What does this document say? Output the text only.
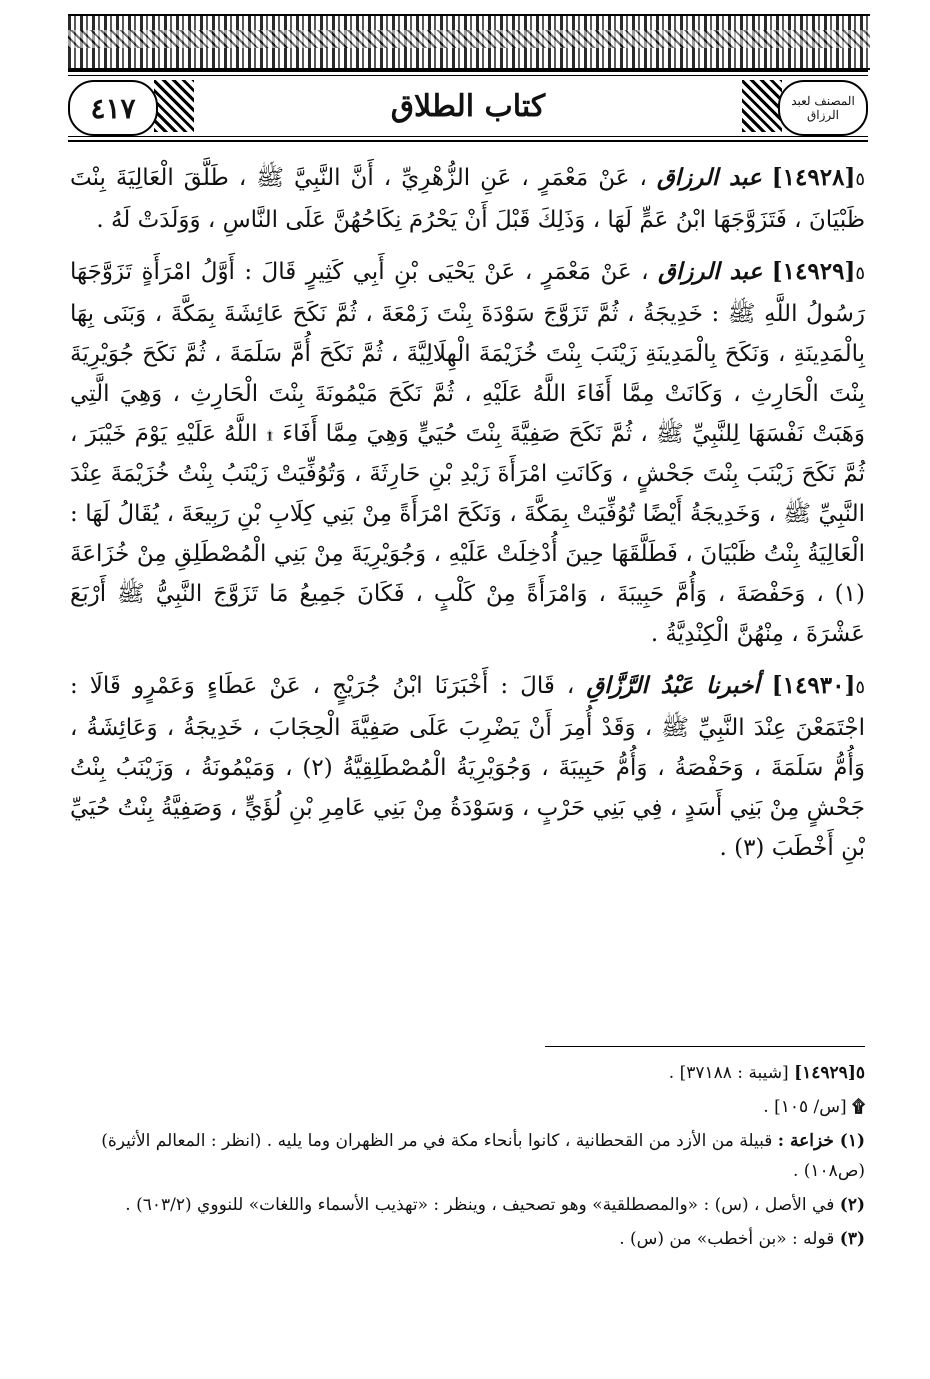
٤١٧	كتاب الطلاق	المصنف لعبد الرزاق

٥[١٤٩٢٨] عبد الرزاق ، عَنْ مَعْمَرٍ ، عَنِ الزُّهْرِيِّ ، أَنَّ النَّبِيَّ ﷺ ، طَلَّقَ الْعَالِيَةَ بِنْتَ ظَبْيَانَ ، فَتَزَوَّجَهَا ابْنُ عَمٍّ لَهَا ، وَذَلِكَ قَبْلَ أَنْ يَحْرُمَ نِكَاحُهُنَّ عَلَى النَّاسِ ، وَوَلَدَتْ لَهُ .

٥[١٤٩٢٩] عبد الرزاق ، عَنْ مَعْمَرٍ ، عَنْ يَحْيَى بْنِ أَبِي كَثِيرٍ قَالَ : أَوَّلُ امْرَأَةٍ تَزَوَّجَهَا رَسُولُ اللَّهِ ﷺ : خَدِيجَةُ ، ثُمَّ تَزَوَّجَ سَوْدَةَ بِنْتَ زَمْعَةَ ، ثُمَّ نَكَحَ عَائِشَةَ بِمَكَّةَ ، وَبَنَى بِهَا بِالْمَدِينَةِ ، وَنَكَحَ بِالْمَدِينَةِ زَيْنَبَ بِنْتَ خُزَيْمَةَ الْهِلَالِيَّةَ ، ثُمَّ نَكَحَ أُمَّ سَلَمَةَ ، ثُمَّ نَكَحَ جُوَيْرِيَةَ بِنْتَ الْحَارِثِ ، وَكَانَتْ مِمَّا أَفَاءَ اللَّهُ عَلَيْهِ ، ثُمَّ نَكَحَ مَيْمُونَةَ بِنْتَ الْحَارِثِ ، وَهِيَ الَّتِي وَهَبَتْ نَفْسَهَا لِلنَّبِيِّ ﷺ ، ثُمَّ نَكَحَ صَفِيَّةَ بِنْتَ حُيَيٍّ وَهِيَ مِمَّا أَفَاءَ ۩ اللَّهُ عَلَيْهِ يَوْمَ خَيْبَرَ ، ثُمَّ نَكَحَ زَيْنَبَ بِنْتَ جَحْشٍ ، وَكَانَتِ امْرَأَةَ زَيْدِ بْنِ حَارِثَةَ ، وَتُوُفِّيَتْ زَيْنَبُ بِنْتُ خُزَيْمَةَ عِنْدَ النَّبِيِّ ﷺ ، وَخَدِيجَةُ أَيْضًا تُوُفِّيَتْ بِمَكَّةَ ، وَنَكَحَ امْرَأَةً مِنْ بَنِي كِلَابِ بْنِ رَبِيعَةَ ، يُقَالُ لَهَا : الْعَالِيَةُ بِنْتُ ظَبْيَانَ ، فَطَلَّقَهَا حِينَ أُدْخِلَتْ عَلَيْهِ ، وَجُوَيْرِيَةَ مِنْ بَنِي الْمُصْطَلِقِ مِنْ خُزَاعَةَ (١) ، وَحَفْصَةَ ، وَأُمَّ حَبِيبَةَ ، وَامْرَأَةً مِنْ كَلْبٍ ، فَكَانَ جَمِيعُ مَا تَزَوَّجَ النَّبِيُّ ﷺ أَرْبَعَ عَشْرَةَ ، مِنْهُنَّ الْكِنْدِيَّةُ .

٥[١٤٩٣٠] أخبرنا عَبْدُ الرَّزَّاقِ ، قَالَ : أَخْبَرَنَا ابْنُ جُرَيْجٍ ، عَنْ عَطَاءٍ وَعَمْرٍو قَالَا : اجْتَمَعْنَ عِنْدَ النَّبِيِّ ﷺ ، وَقَدْ أُمِرَ أَنْ يَضْرِبَ عَلَى صَفِيَّةَ الْحِجَابَ ، خَدِيجَةُ ، وَعَائِشَةُ ، وَأُمُّ سَلَمَةَ ، وَحَفْصَةُ ، وَأُمُّ حَبِيبَةَ ، وَجُوَيْرِيَةُ الْمُصْطَلِقِيَّةُ (٢) ، وَمَيْمُونَةُ ، وَزَيْنَبُ بِنْتُ جَحْشٍ مِنْ بَنِي أَسَدٍ ، فِي بَنِي حَرْبٍ ، وَسَوْدَةُ مِنْ بَنِي عَامِرِ بْنِ لُؤَيٍّ ، وَصَفِيَّةُ بِنْتُ حُيَيِّ بْنِ أَخْطَبَ (٣) .

٥[١٤٩٢٩] [شيبة : ٣٧١٨٨] .

۩ [س/ ١٠٥] .

(١) خزاعة : قبيلة من الأزد من القحطانية ، كانوا بأنحاء مكة في مر الظهران وما يليه . (انظر : المعالم الأثيرة) (ص١٠٨) .

(٢) في الأصل ، (س) : «والمصطلقية» وهو تصحيف ، وينظر : «تهذيب الأسماء واللغات» للنووي (٦٠٣/٢) .

(٣) قوله : «بن أخطب» من (س) .
